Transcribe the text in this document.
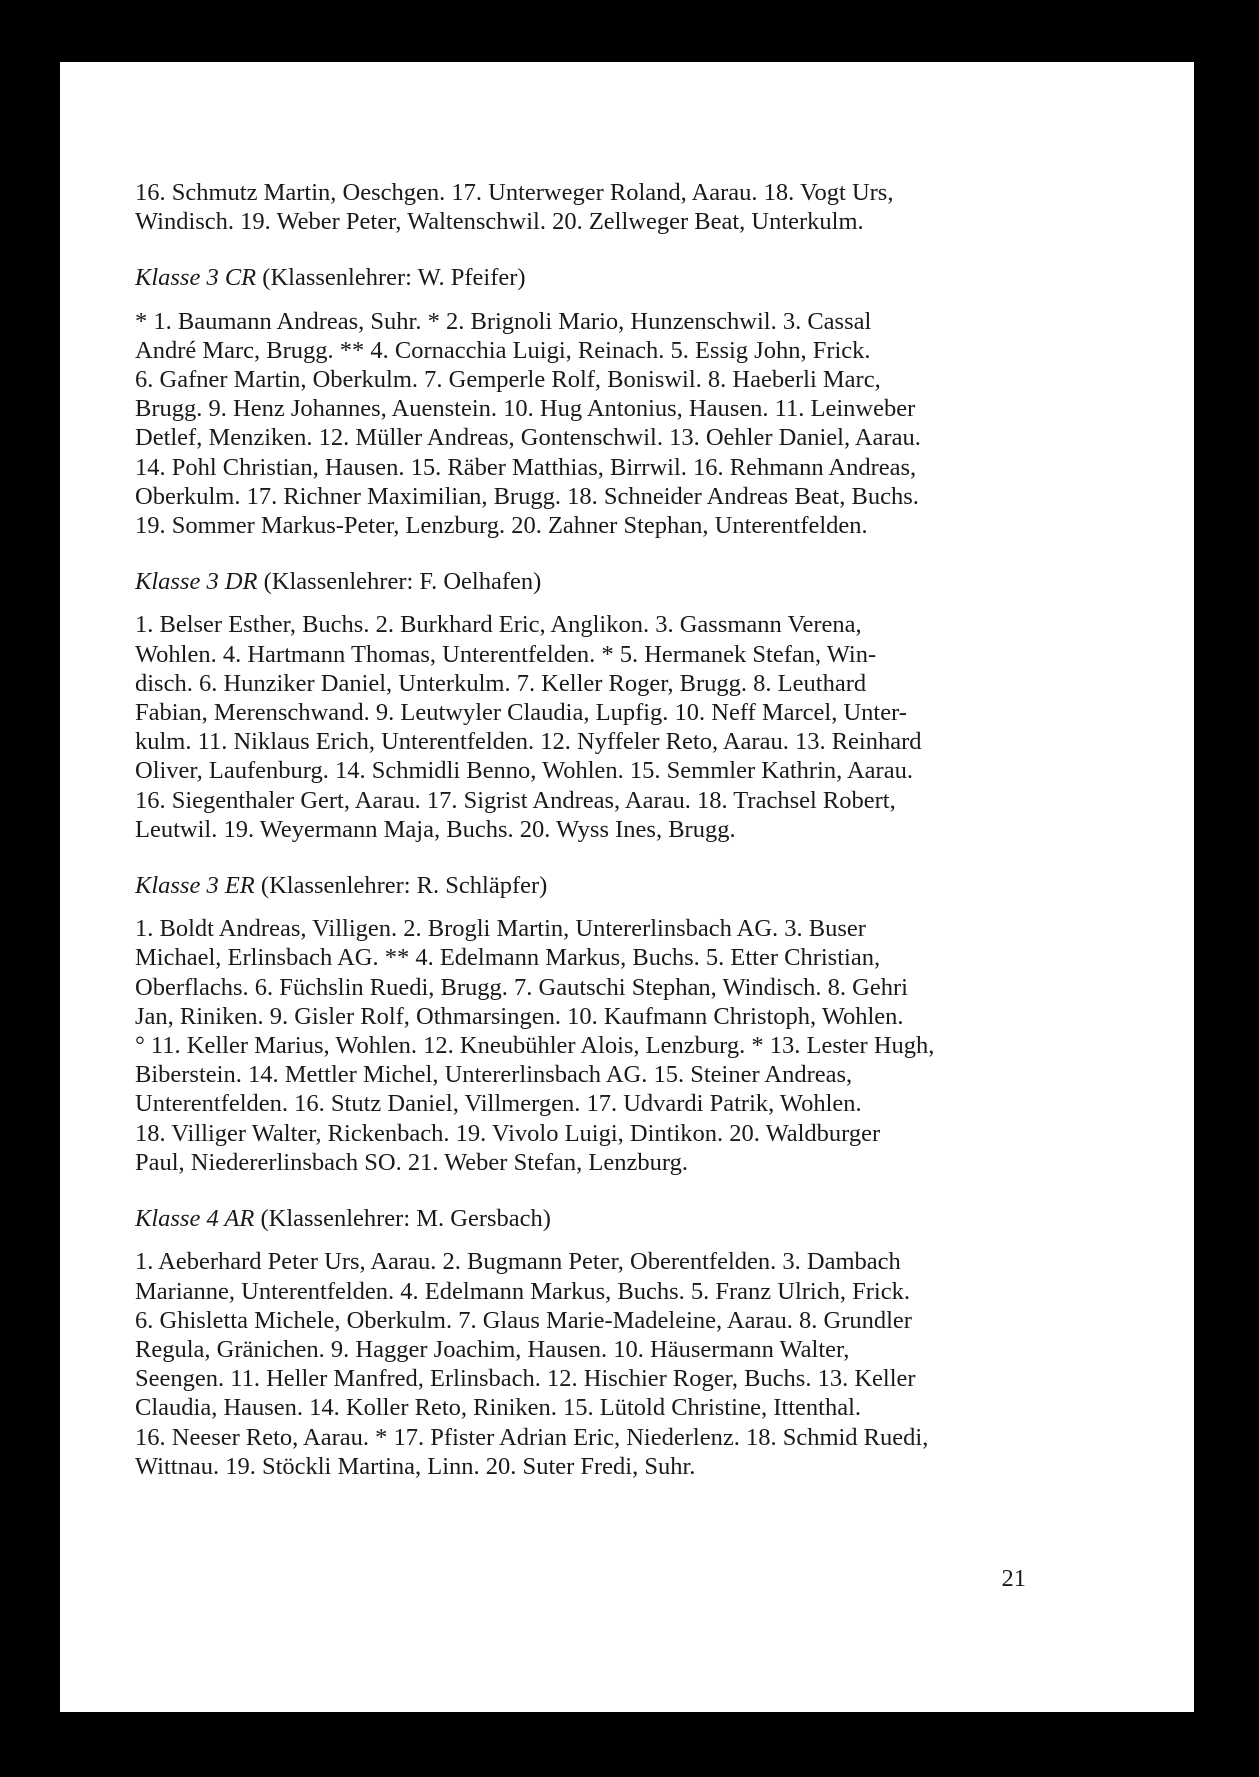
16. Schmutz Martin, Oeschgen. 17. Unterweger Roland, Aarau. 18. Vogt Urs,
Windisch. 19. Weber Peter, Waltenschwil. 20. Zellweger Beat, Unterkulm.

Klasse 3 CR (Klassenlehrer: W. Pfeifer)

* 1. Baumann Andreas, Suhr. * 2. Brignoli Mario, Hunzenschwil. 3. Cassal
André Marc, Brugg. ** 4. Cornacchia Luigi, Reinach. 5. Essig John, Frick.
6. Gafner Martin, Oberkulm. 7. Gemperle Rolf, Boniswil. 8. Haeberli Marc,
Brugg. 9. Henz Johannes, Auenstein. 10. Hug Antonius, Hausen. 11. Leinweber
Detlef, Menziken. 12. Müller Andreas, Gontenschwil. 13. Oehler Daniel, Aarau.
14. Pohl Christian, Hausen. 15. Räber Matthias, Birrwil. 16. Rehmann Andreas,
Oberkulm. 17. Richner Maximilian, Brugg. 18. Schneider Andreas Beat, Buchs.
19. Sommer Markus-Peter, Lenzburg. 20. Zahner Stephan, Unterentfelden.

Klasse 3 DR (Klassenlehrer: F. Oelhafen)

1. Belser Esther, Buchs. 2. Burkhard Eric, Anglikon. 3. Gassmann Verena,
Wohlen. 4. Hartmann Thomas, Unterentfelden. * 5. Hermanek Stefan, Win-
disch. 6. Hunziker Daniel, Unterkulm. 7. Keller Roger, Brugg. 8. Leuthard
Fabian, Merenschwand. 9. Leutwyler Claudia, Lupfig. 10. Neff Marcel, Unter-
kulm. 11. Niklaus Erich, Unterentfelden. 12. Nyffeler Reto, Aarau. 13. Reinhard
Oliver, Laufenburg. 14. Schmidli Benno, Wohlen. 15. Semmler Kathrin, Aarau.
16. Siegenthaler Gert, Aarau. 17. Sigrist Andreas, Aarau. 18. Trachsel Robert,
Leutwil. 19. Weyermann Maja, Buchs. 20. Wyss Ines, Brugg.

Klasse 3 ER (Klassenlehrer: R. Schläpfer)

1. Boldt Andreas, Villigen. 2. Brogli Martin, Untererlinsbach AG. 3. Buser
Michael, Erlinsbach AG. ** 4. Edelmann Markus, Buchs. 5. Etter Christian,
Oberflachs. 6. Füchslin Ruedi, Brugg. 7. Gautschi Stephan, Windisch. 8. Gehri
Jan, Riniken. 9. Gisler Rolf, Othmarsingen. 10. Kaufmann Christoph, Wohlen.
° 11. Keller Marius, Wohlen. 12. Kneubühler Alois, Lenzburg. * 13. Lester Hugh,
Biberstein. 14. Mettler Michel, Untererlinsbach AG. 15. Steiner Andreas,
Unterentfelden. 16. Stutz Daniel, Villmergen. 17. Udvardi Patrik, Wohlen.
18. Villiger Walter, Rickenbach. 19. Vivolo Luigi, Dintikon. 20. Waldburger
Paul, Niedererlinsbach SO. 21. Weber Stefan, Lenzburg.

Klasse 4 AR (Klassenlehrer: M. Gersbach)

1. Aeberhard Peter Urs, Aarau. 2. Bugmann Peter, Oberentfelden. 3. Dambach
Marianne, Unterentfelden. 4. Edelmann Markus, Buchs. 5. Franz Ulrich, Frick.
6. Ghisletta Michele, Oberkulm. 7. Glaus Marie-Madeleine, Aarau. 8. Grundler
Regula, Gränichen. 9. Hagger Joachim, Hausen. 10. Häusermann Walter,
Seengen. 11. Heller Manfred, Erlinsbach. 12. Hischier Roger, Buchs. 13. Keller
Claudia, Hausen. 14. Koller Reto, Riniken. 15. Lütold Christine, Ittenthal.
16. Neeser Reto, Aarau. * 17. Pfister Adrian Eric, Niederlenz. 18. Schmid Ruedi,
Wittnau. 19. Stöckli Martina, Linn. 20. Suter Fredi, Suhr.

21
